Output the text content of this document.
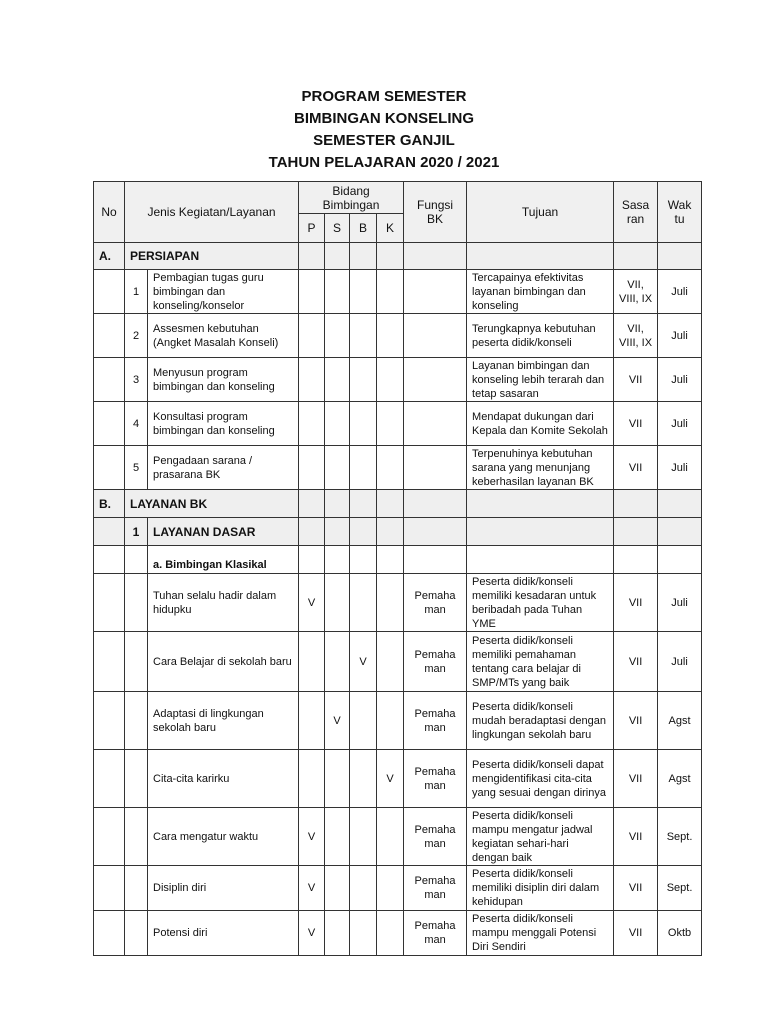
PROGRAM SEMESTER
BIMBINGAN KONSELING
SEMESTER GANJIL
TAHUN PELAJARAN 2020 / 2021
No	Jenis Kegiatan/Layanan		Bidang Bimbingan				Fungsi BK	Tujuan	Sasa ran	Wak tu
			P	S	B	K				
A.	PERSIAPAN									
	1	Pembagian tugas guru bimbingan dan konseling/konselor						Tercapainya efektivitas layanan bimbingan dan konseling	VII, VIII, IX	Juli
	2	Assesmen kebutuhan (Angket Masalah Konseli)						Terungkapnya kebutuhan peserta didik/konseli	VII, VIII, IX	Juli
	3	Menyusun program bimbingan dan konseling						Layanan bimbingan dan konseling lebih terarah dan tetap sasaran	VII	Juli
	4	Konsultasi program bimbingan dan konseling						Mendapat dukungan dari Kepala dan Komite Sekolah	VII	Juli
	5	Pengadaan sarana / prasarana BK						Terpenuhinya kebutuhan sarana yang menunjang keberhasilan layanan BK	VII	Juli
B.	LAYANAN BK									
	1	LAYANAN DASAR								
		a. Bimbingan Klasikal								
		Tuhan selalu hadir dalam hidupku	V				Pemaha man	Peserta didik/konseli memiliki kesadaran untuk beribadah pada Tuhan YME	VII	Juli
		Cara Belajar di sekolah baru			V		Pemaha man	Peserta didik/konseli memiliki pemahaman tentang cara belajar di SMP/MTs yang baik	VII	Juli
		Adaptasi di lingkungan sekolah baru		V			Pemaha man	Peserta didik/konseli mudah beradaptasi dengan lingkungan sekolah baru	VII	Agst
		Cita-cita karirku				V	Pemaha man	Peserta didik/konseli dapat mengidentifikasi cita-cita yang sesuai dengan dirinya	VII	Agst
		Cara mengatur waktu	V				Pemaha man	Peserta didik/konseli mampu mengatur jadwal kegiatan sehari-hari dengan baik	VII	Sept.
		Disiplin diri	V				Pemaha man	Peserta didik/konseli memiliki disiplin diri dalam kehidupan	VII	Sept.
		Potensi diri	V				Pemaha man	Peserta didik/konseli mampu menggali Potensi Diri Sendiri	VII	Oktb
